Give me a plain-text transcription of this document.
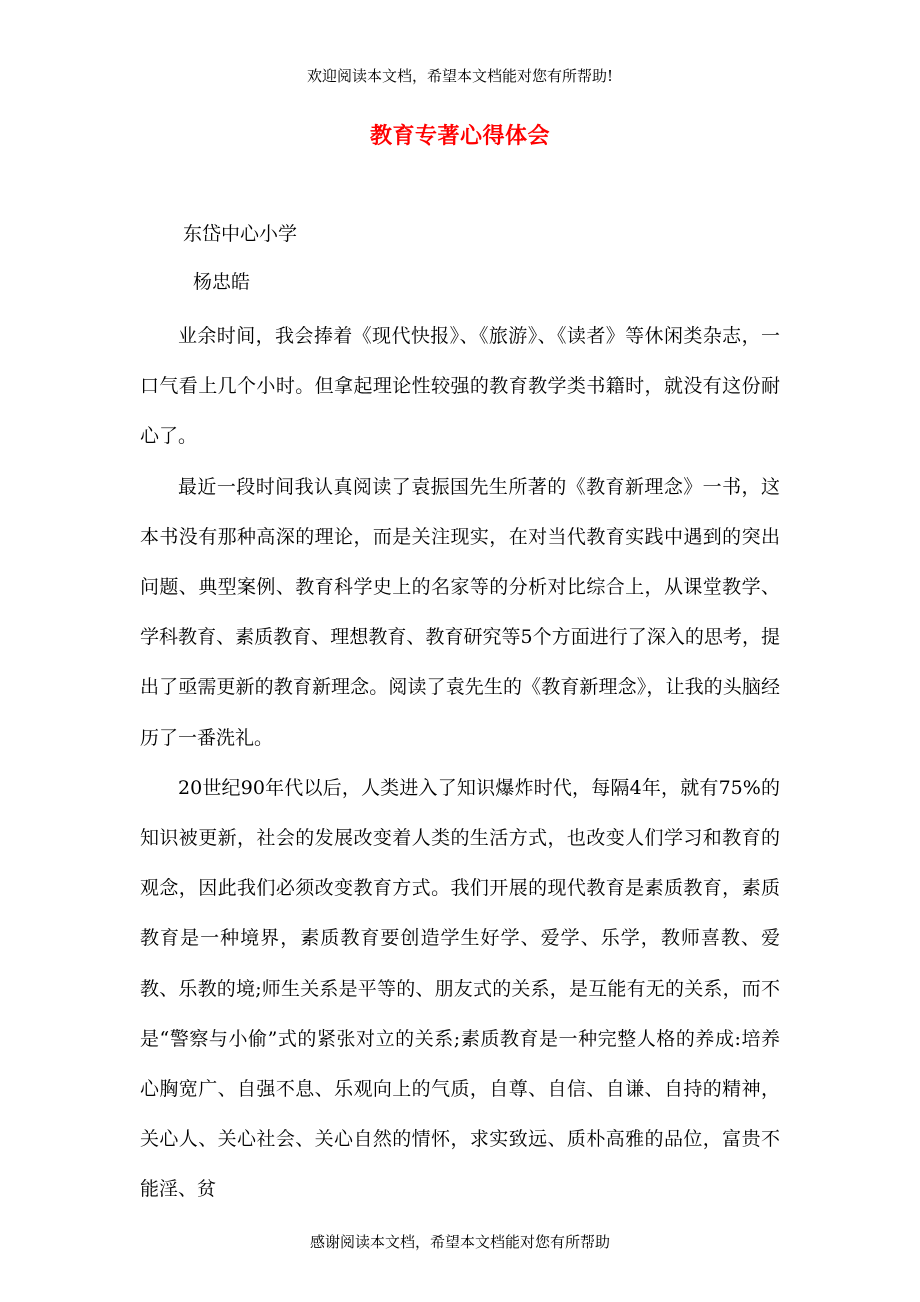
欢迎阅读本文档，希望本文档能对您有所帮助!
教育专著心得体会
东岱中心小学
杨忠皓

业余时间，我会捧着《现代快报》、《旅游》、《读者》等休闲类杂志，一口气看上几个小时。但拿起理论性较强的教育教学类书籍时，就没有这份耐心了。

最近一段时间我认真阅读了袁振国先生所著的《教育新理念》一书，这本书没有那种高深的理论，而是关注现实，在对当代教育实践中遇到的突出问题、典型案例、教育科学史上的名家等的分析对比综合上，从课堂教学、学科教育、素质教育、理想教育、教育研究等5个方面进行了深入的思考，提出了亟需更新的教育新理念。阅读了袁先生的《教育新理念》，让我的头脑经历了一番洗礼。

20世纪90年代以后，人类进入了知识爆炸时代，每隔4年，就有75%的知识被更新，社会的发展改变着人类的生活方式，也改变人们学习和教育的观念，因此我们必须改变教育方式。我们开展的现代教育是素质教育，素质教育是一种境界，素质教育要创造学生好学、爱学、乐学，教师喜教、爱教、乐教的境;师生关系是平等的、朋友式的关系，是互能有无的关系，而不是“警察与小偷”式的紧张对立的关系;素质教育是一种完整人格的养成:培养心胸宽广、自强不息、乐观向上的气质，自尊、自信、自谦、自持的精神，关心人、关心社会、关心自然的情怀，求实致远、质朴高雅的品位，富贵不能淫、贫

感谢阅读本文档，希望本文档能对您有所帮助
